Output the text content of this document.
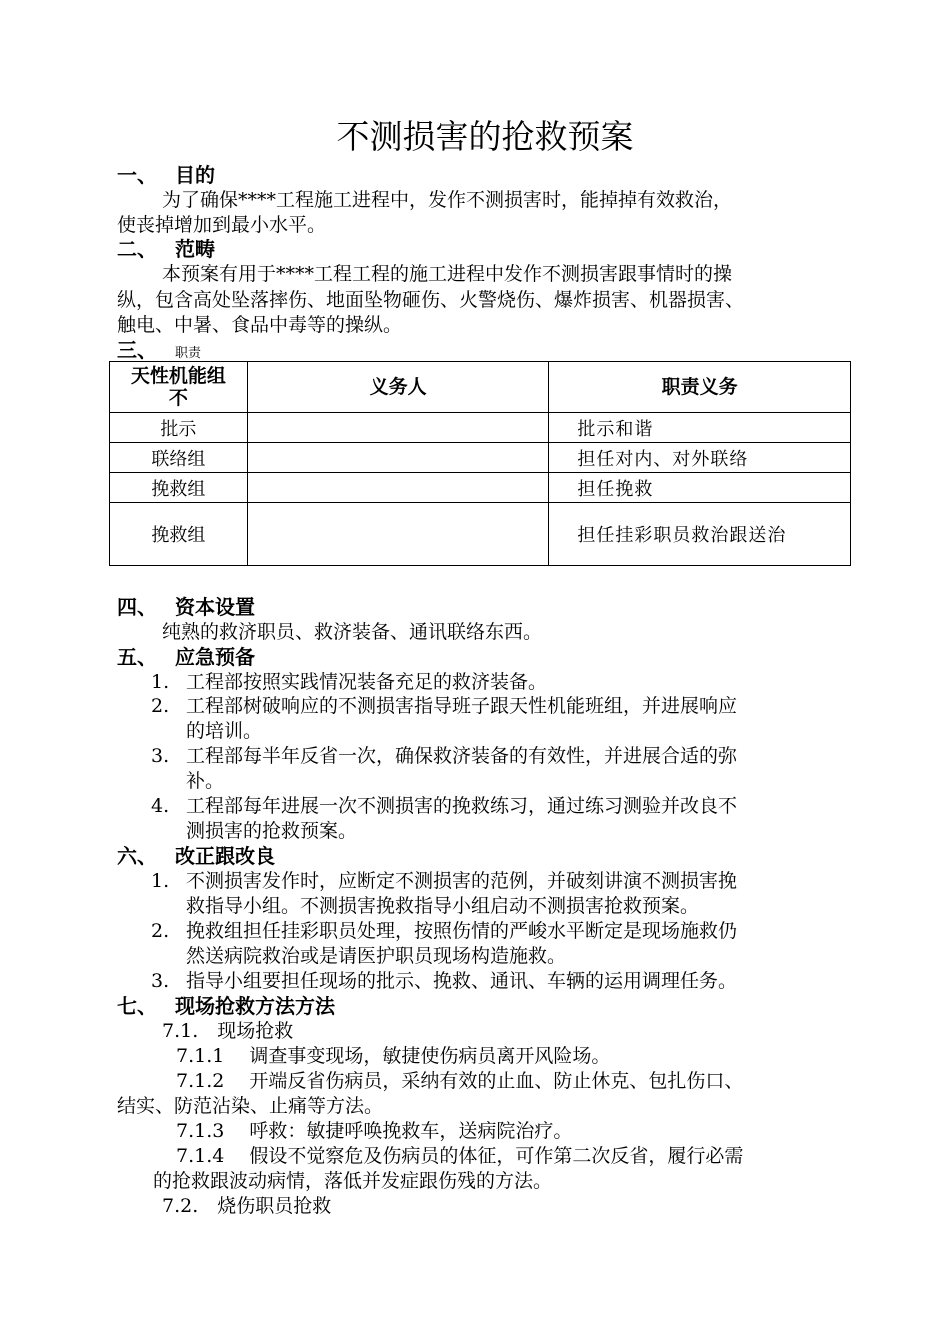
不测损害的抢救预案
一、 目的
为了确保****工程施工进程中，发作不测损害时，能掉掉有效救治，
使丧掉增加到最小水平。
二、 范畴
本预案有用于****工程工程的施工进程中发作不测损害跟事情时的操
纵，包含高处坠落摔伤、地面坠物砸伤、火警烧伤、爆炸损害、机器损害、
触电、中暑、食品中毒等的操纵。
三、 职责
天性机能组不	义务人	职责义务
批示		批示和谐
联络组		担任对内、对外联络
挽救组		担任挽救
挽救组		担任挂彩职员救治跟送治
四、 资本设置
纯熟的救济职员、救济装备、通讯联络东西。
五、 应急预备
1. 工程部按照实践情况装备充足的救济装备。
2. 工程部树破响应的不测损害指导班子跟天性机能班组，并进展响应
的培训。
3. 工程部每半年反省一次，确保救济装备的有效性，并进展合适的弥
补。
4. 工程部每年进展一次不测损害的挽救练习，通过练习测验并改良不
测损害的抢救预案。
六、 改正跟改良
1. 不测损害发作时，应断定不测损害的范例，并破刻讲演不测损害挽
救指导小组。不测损害挽救指导小组启动不测损害抢救预案。
2. 挽救组担任挂彩职员处理，按照伤情的严峻水平断定是现场施救仍
然送病院救治或是请医护职员现场构造施救。
3. 指导小组要担任现场的批示、挽救、通讯、车辆的运用调理任务。
七、 现场抢救方法方法
7.1.　现场抢救
7.1.1　 调查事变现场，敏捷使伤病员离开风险场。
7.1.2　 开端反省伤病员，采纳有效的止血、防止休克、包扎伤口、
结实、防范沾染、止痛等方法。
7.1.3　 呼救：敏捷呼唤挽救车，送病院治疗。
7.1.4　 假设不觉察危及伤病员的体征，可作第二次反省，履行必需
的抢救跟波动病情，落低并发症跟伤残的方法。
7.2.　烧伤职员抢救
